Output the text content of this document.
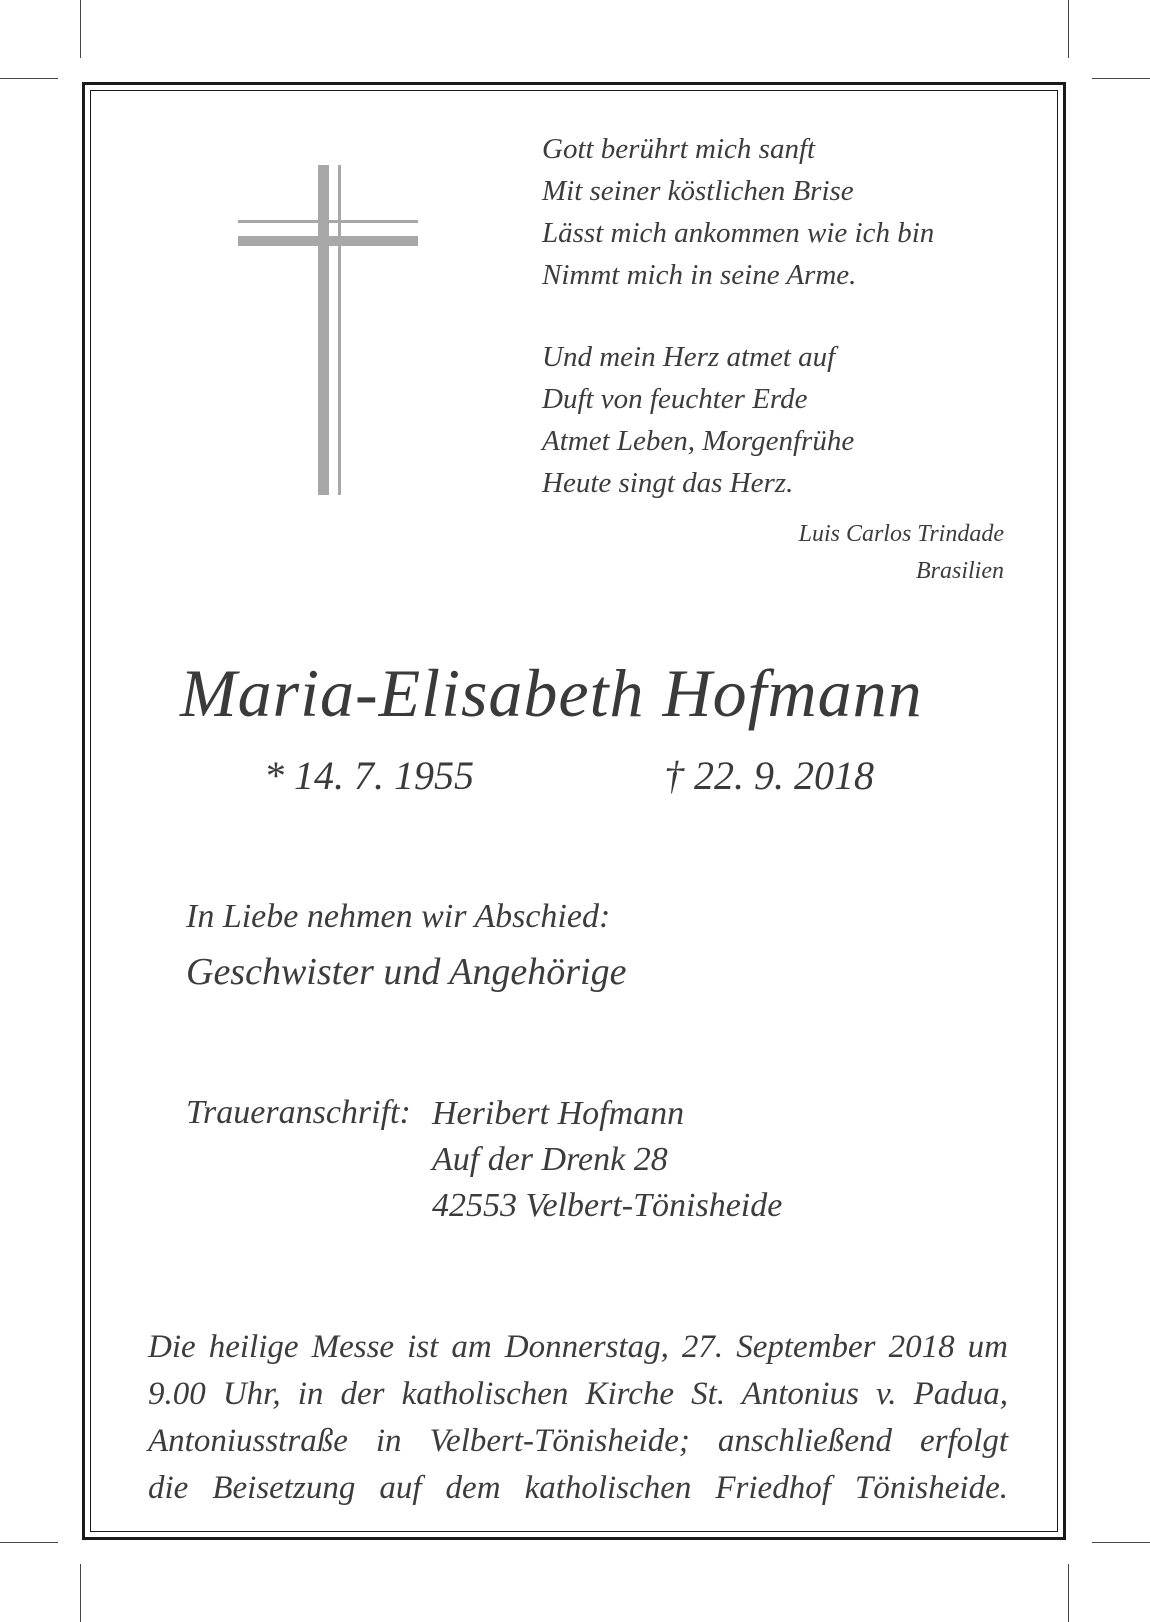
Gott berührt mich sanft
Mit seiner köstlichen Brise
Lässt mich ankommen wie ich bin
Nimmt mich in seine Arme.
Und mein Herz atmet auf
Duft von feuchter Erde
Atmet Leben, Morgenfrühe
Heute singt das Herz.
Luis Carlos Trindade
Brasilien
Maria-Elisabeth Hofmann
* 14. 7. 1955	† 22. 9. 2018
In Liebe nehmen wir Abschied:
Geschwister und Angehörige
Traueranschrift: Heribert Hofmann
Auf der Drenk 28
42553 Velbert-Tönisheide
Die heilige Messe ist am Donnerstag, 27. September 2018 um
9.00 Uhr, in der katholischen Kirche St. Antonius v. Padua,
Antoniusstraße in Velbert-Tönisheide; anschließend erfolgt
die Beisetzung auf dem katholischen Friedhof Tönisheide.
